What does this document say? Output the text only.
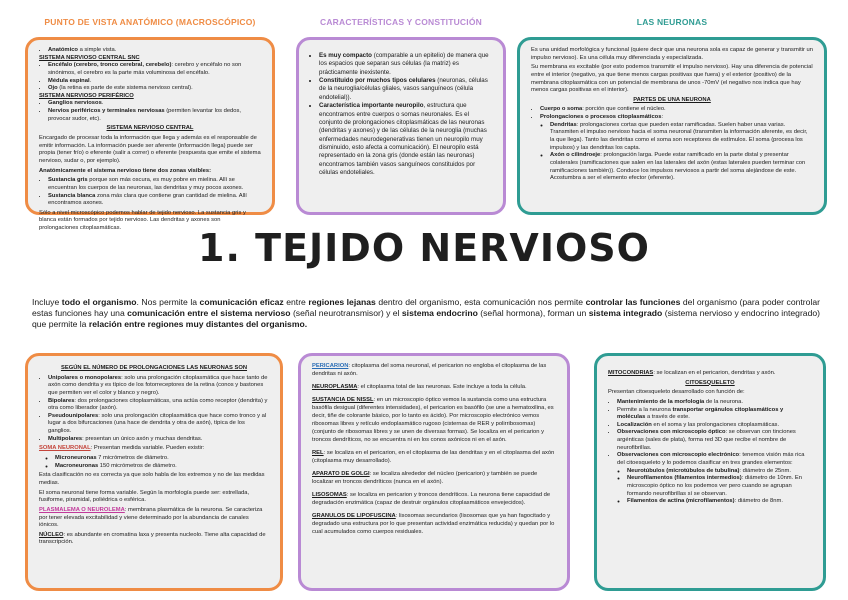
PUNTO DE VISTA ANATÓMICO (MACROSCÓPICO)
• Anatómico a simple vista.
SISTEMA NERVIOSO CENTRAL SNC
• Encéfalo (cerebro, tronco cerebral, cerebelo): cerebro y encéfalo no son sinónimos, el cerebro es la parte más voluminosa del encéfalo.
• Médula espinal.
• Ojo (la retina es parte de este sistema nervioso central).
SISTEMA NERVIOSO PERIFÉRICO
• Ganglios nerviosos.
• Nervios periféricos y terminales nerviosas (permiten levantar los dedos, provocar sudor, etc).
SISTEMA NERVIOSO CENTRAL

Encargado de procesar toda la información que llega y además es el responsable de emitir información. La información puede ser aferente (información llega) puede ser propia (tener frío) o eferente (salir a correr) o eferente (respuesta que emite el sistema nervioso, sudar o, por ejemplo).

Anatómicamente el sistema nervioso tiene dos zonas visibles:

• Sustancia gris porque son más oscura, es muy pobre en mielina. Allí se encuentran los cuerpos de las neuronas, las dendritas y muy pocos axones.
• Sustancia blanca zona más clara que contiene gran cantidad de mielina. Allí encontramos axones.

Sólo a nivel microscópico podemos hablar de tejido nervioso. La sustancia gris y blanca están formados por tejido nervioso. Las dendritas y axones son prolongaciones citoplasmáticas.

CARACTERÍSTICAS Y CONSTITUCIÓN
• Es muy compacto (comparable a un epitelio) de manera que los espacios que separan sus células (la matriz) es prácticamente inexistente.
• Constituido por muchos tipos celulares (neuronas, células de la neuroglia/células gliales, vasos sanguíneos (célula endotelial)).
• Característica importante neuropilo, estructura que encontramos entre cuerpos o somas neuronales. Es el conjunto de prolongaciones citoplasmáticas de las neuronas (dendritas y axones) y de las células de la neuroglia (muchas enfermedades neurodegenerativas tienen un neuropilo muy disminuido, esto afecta a comunicación). El neuropilo está representado en la zona gris (donde están las neuronas) encontramos también vasos sanguíneos constituidos por células endoteliales.
LAS NEURONAS

Es una unidad morfológica y funcional (quiere decir que una neurona sola es capaz de generar y transmitir un impulso nervioso). Es una célula muy diferenciada y especializada.

Su membrana es excitable (por esto podemos transmitir el impulso nervioso). Hay una diferencia de potencial entre el interior (negativo, ya que tiene menos cargas positivas que fuera) y el exterior (positivo) de la membrana citoplasmática con un potencial de membrana de unos -70mV (el negativo nos indica que hay menos cargas positivas en el interior).

PARTES DE UNA NEURONA
• Cuerpo o soma: porción que contiene el núcleo.
• Prolongaciones o procesos citoplasmáticos:
◦ Dendritas: prolongaciones cortas que pueden estar ramificadas. Suelen haber unas varias. Transmiten el impulso nervioso hacia el soma neuronal (transmiten la información aferente, es decir, la que llega). Tanto las dendritas como el soma son receptores de estímulos. El soma (procesa los impulsos) y las dendritas los capta.
◦ Axón o cilindroeje: prolongación larga. Puede estar ramificado en la parte distal y presentar colaterales (ramificaciones que salen en las laterales del axón (estas laterales pueden terminar con ramificaciones también)). Conduce los impulsos nerviosos a partir del soma alejándose de este. Acostumbra a ser el elemento efector (eferente).
1. TEJIDO NERVIOSO
Incluye todo el organismo. Nos permite la comunicación eficaz entre regiones lejanas dentro del organismo, esta comunicación nos permite controlar las funciones del organismo (para poder controlar estas funciones hay una comunicación entre el sistema nervioso (señal neurotransmisor) y el sistema endocrino (señal hormona), forman un sistema integrado (sistema nervioso y endocrino integrado) que permite la relación entre regiones muy distantes del organismo.
SEGÚN EL NÚMERO DE PROLONGACIONES LAS NEURONAS SON
• Unipolares o monopolares: solo una prolongación citoplasmática que hace tanto de axón como dendrita y es típico de los fotorreceptores de la retina (conos y bastones que permiten ver el color y blanco y negro).
• Bipolares: dos prolongaciones citoplasmáticas, una actúa como receptor (dendrita) y otra como liberador (axón).
• Pseudounipolares: solo una prolongación citoplasmática que hace como tronco y al lugar a dos bifurcaciones (una hace de dendrita y otra de axón), típica de los ganglios.
• Multipolares: presentan un único axón y muchas dendritas.

SOMA NEURONAL: Presentan medida variable. Pueden existir:

◦ Microneuronas 7 micrómetros de diámetro.
◦ Macroneuronas 150 micrómetros de diámetro.

Esta clasificación no es correcta ya que solo habla de los extremos y no de las medidas medias.

El soma neuronal tiene forma variable. Según la morfología puede ser: estrellada, fusiforme, piramidal, poliédrica o esférica.

PLASMALEMA O NEUROLEMA: membrana plasmática de la neurona. Se caracteriza por tener elevada excitabilidad y viene determinado por la abundancia de canales iónicos.

NÚCLEO: es abundante en cromatina laxa y presenta nucleolo. Tiene alta capacidad de transcripción.

PERICARION: citoplasma del soma neuronal, el pericarion no engloba el citoplasma de las dendritas ni axón.

NEUROPLASMA: el citoplasma total de las neuronas. Este incluye a toda la célula.

SUSTANCIA DE NISSL: en un microscopio óptico vemos la sustancia como una estructura basófila desigual (diferentes intensidades), el pericarion es basófilo (se une a hematoxilina, es decir, tiñe de colorante básico, por lo tanto es ácido). Por microscopio electrónico vemos ribosomas libres y retículo endoplasmático rugoso (cisternas de RER y polirribosomas) (conjunto de ribosomas libres y se unen de diversas formas). Se localiza en el pericarion y troncos dendríticos, no se encuentra ni en los conos axónicos ni en el axón.

REL: se localiza en el pericarion, en el citoplasma de las dendritas y en el citoplasma del axón (citoplasma muy desarrollado).

APARATO DE GOLGI: se localiza alrededor del núcleo (pericarion) y también se puede localizar en troncos dendríticos (nunca en el axón).

LISOSOMAS: se localiza en pericarion y troncos dendríticos. La neurona tiene capacidad de degradación enzimática (capaz de destruir orgánulos citoplasmáticos envejecidos).

GRANULOS DE LIPOFUSCINA: lisosomas secundarios (lisosomas que ya han fagocitado y degradado una estructura por lo que presentan actividad enzimática reducida) y quedan por lo cual acumulados como cuerpos residuales.

MITOCONDRIAS: se localizan en el pericarion, dendritas y axón.

CITOESQUELETO

Presentan citoesqueleto desarrollado con función de:

• Mantenimiento de la morfología de la neurona.
• Permite a la neurona transportar orgánulos citoplasmáticos y moléculas a través de este.
• Localización en el soma y las prolongaciones citoplasmáticas.
• Observaciones con microscopio óptico: se observan con tinciones argénticas (sales de plata), forma red 3D que recibe el nombre de neurofibrillas.
• Observaciones con microscopio electrónico: tenemos visión más rica del citoesqueleto y lo podemos clasificar en tres grandes elementos:
◦ Neurotúbulos (microtúbulos de tubulina): diámetro de 25nm.
◦ Neurofilamentos (filamentos intermedios): diámetro de 10nm. En microscopio óptico no los podemos ver pero cuando se agrupan formando neurofibrillas sí se observan.
◦ Filamentos de actina (microfilamentos): diámetro de 8nm.
